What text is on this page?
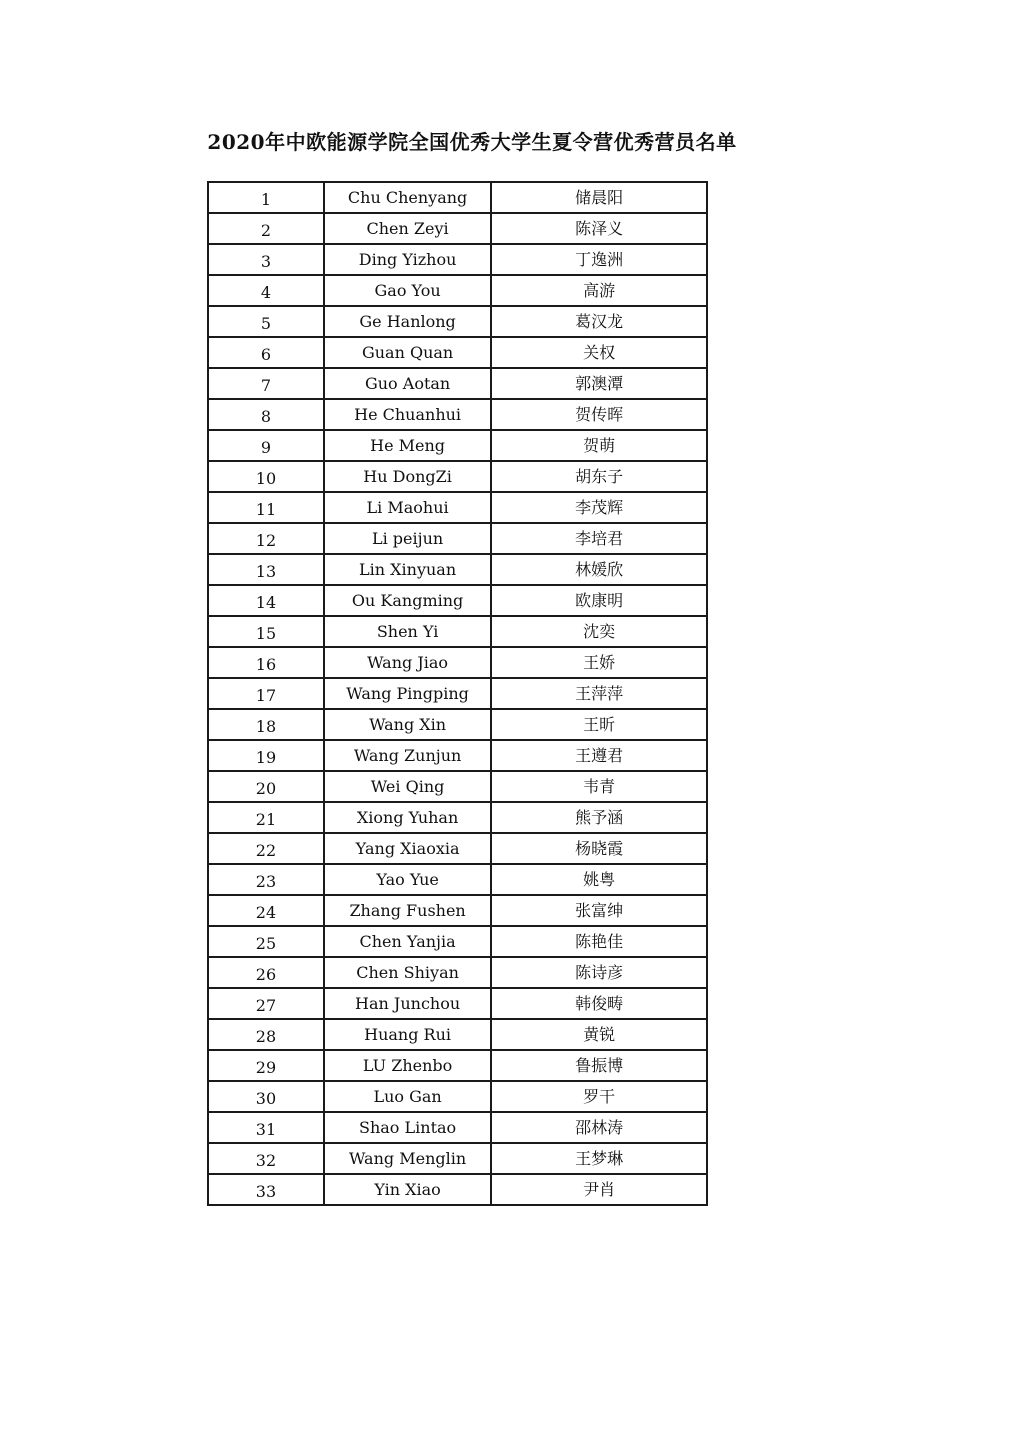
2020年中欧能源学院全国优秀大学生夏令营优秀营员名单
1	Chu Chenyang	储晨阳
2	Chen Zeyi	陈泽义
3	Ding Yizhou	丁逸洲
4	Gao You	高游
5	Ge Hanlong	葛汉龙
6	Guan Quan	关权
7	Guo Aotan	郭澳潭
8	He Chuanhui	贺传晖
9	He Meng	贺萌
10	Hu DongZi	胡东子
11	Li Maohui	李茂辉
12	Li peijun	李培君
13	Lin Xinyuan	林媛欣
14	Ou Kangming	欧康明
15	Shen Yi	沈奕
16	Wang Jiao	王娇
17	Wang Pingping	王萍萍
18	Wang Xin	王昕
19	Wang Zunjun	王遵君
20	Wei Qing	韦青
21	Xiong Yuhan	熊予涵
22	Yang Xiaoxia	杨晓霞
23	Yao Yue	姚粤
24	Zhang Fushen	张富绅
25	Chen Yanjia	陈艳佳
26	Chen Shiyan	陈诗彦
27	Han Junchou	韩俊畴
28	Huang Rui	黄锐
29	LU Zhenbo	鲁振博
30	Luo Gan	罗干
31	Shao Lintao	邵林涛
32	Wang Menglin	王梦琳
33	Yin Xiao	尹肖
